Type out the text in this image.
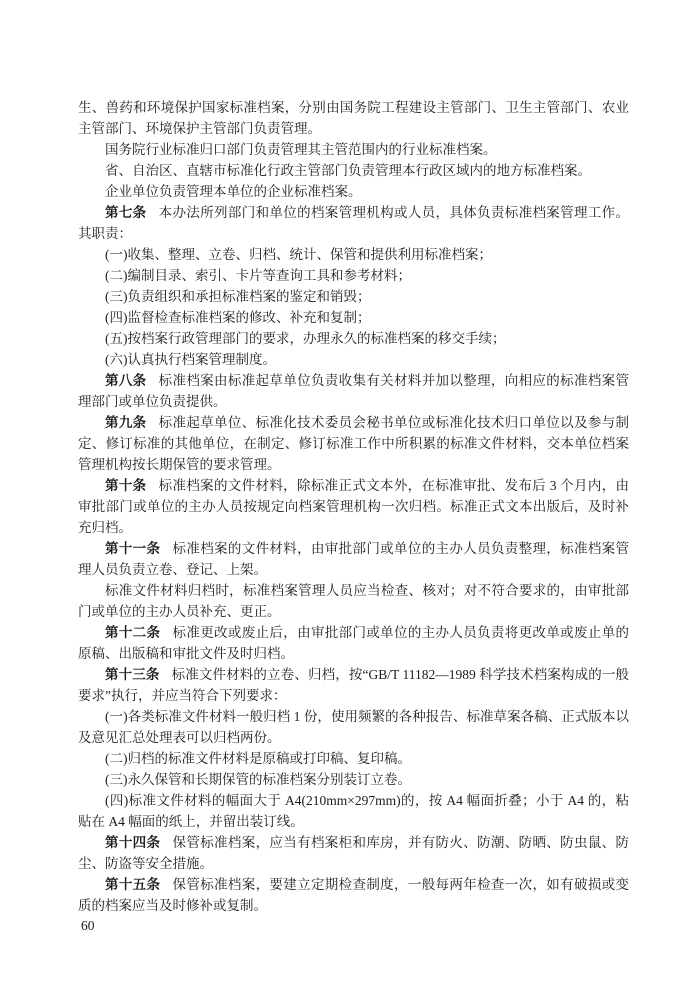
生、兽药和环境保护国家标准档案，分别由国务院工程建设主管部门、卫生主管部门、农业主管部门、环境保护主管部门负责管理。

国务院行业标准归口部门负责管理其主管范围内的行业标准档案。

省、自治区、直辖市标准化行政主管部门负责管理本行政区域内的地方标准档案。

企业单位负责管理本单位的企业标准档案。

第七条 本办法所列部门和单位的档案管理机构或人员，具体负责标准档案管理工作。其职责：

(一)收集、整理、立卷、归档、统计、保管和提供利用标准档案；

(二)编制目录、索引、卡片等查询工具和参考材料；

(三)负责组织和承担标准档案的鉴定和销毁；

(四)监督检查标准档案的修改、补充和复制；

(五)按档案行政管理部门的要求，办理永久的标准档案的移交手续；

(六)认真执行档案管理制度。

第八条 标准档案由标准起草单位负责收集有关材料并加以整理，向相应的标准档案管理部门或单位负责提供。

第九条 标准起草单位、标准化技术委员会秘书单位或标准化技术归口单位以及参与制定、修订标准的其他单位，在制定、修订标准工作中所积累的标准文件材料，交本单位档案管理机构按长期保管的要求管理。

第十条 标准档案的文件材料，除标准正式文本外，在标准审批、发布后 3 个月内，由审批部门或单位的主办人员按规定向档案管理机构一次归档。标准正式文本出版后，及时补充归档。

第十一条 标准档案的文件材料，由审批部门或单位的主办人员负责整理，标准档案管理人员负责立卷、登记、上架。

标准文件材料归档时，标准档案管理人员应当检查、核对；对不符合要求的，由审批部门或单位的主办人员补充、更正。

第十二条 标准更改或废止后，由审批部门或单位的主办人员负责将更改单或废止单的原稿、出版稿和审批文件及时归档。

第十三条 标准文件材料的立卷、归档，按“GB/T 11182—1989 科学技术档案构成的一般要求”执行，并应当符合下列要求：

(一)各类标准文件材料一般归档 1 份，使用频繁的各种报告、标准草案各稿、正式版本以及意见汇总处理表可以归档两份。

(二)归档的标准文件材料是原稿或打印稿、复印稿。

(三)永久保管和长期保管的标准档案分别装订立卷。

(四)标准文件材料的幅面大于 A4(210mm×297mm)的，按 A4 幅面折叠；小于 A4 的，粘贴在 A4 幅面的纸上，并留出装订线。

第十四条 保管标准档案，应当有档案柜和库房，并有防火、防潮、防晒、防虫鼠、防尘、防盗等安全措施。

第十五条 保管标准档案，要建立定期检查制度，一般每两年检查一次，如有破损或变质的档案应当及时修补或复制。

60
